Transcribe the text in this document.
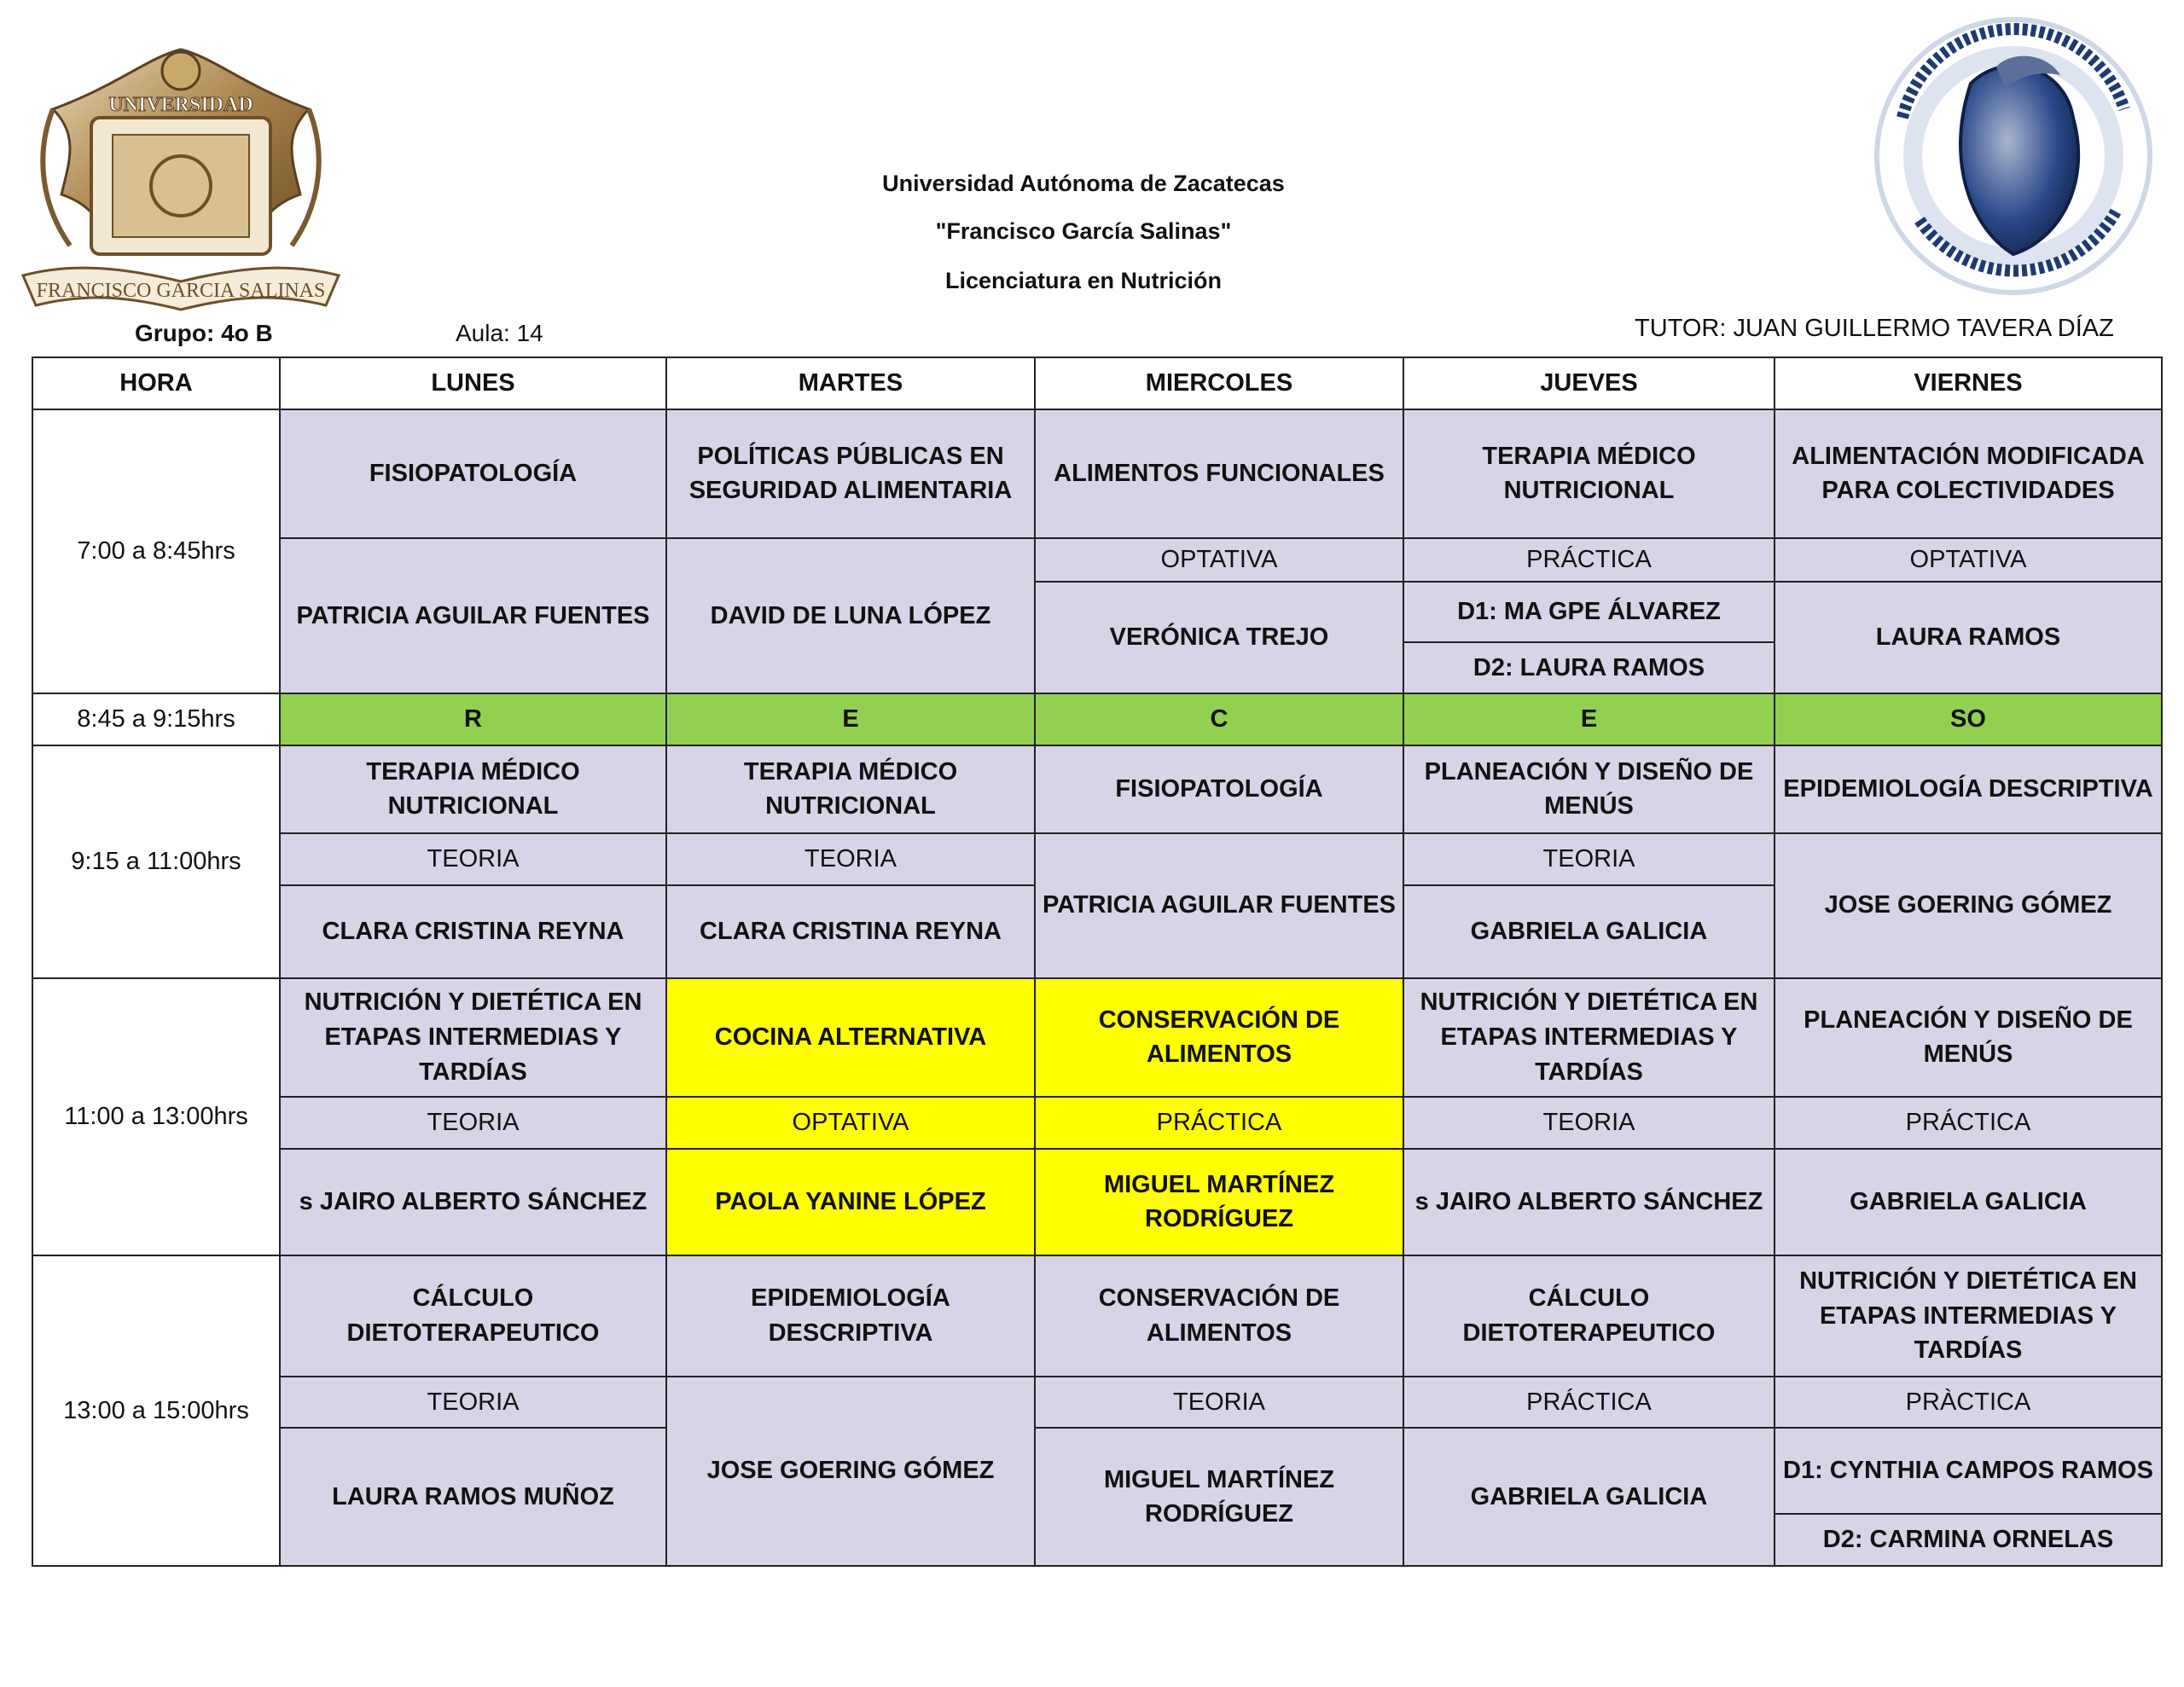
UNIVERSIDAD
FRANCISCO GARCIA SALINAS
Universidad Autónoma de Zacatecas
"Francisco García Salinas"
Licenciatura en Nutrición
Grupo: 4o B	Aula: 14	TUTOR: JUAN GUILLERMO TAVERA DÍAZ
HORA	LUNES	MARTES	MIERCOLES	JUEVES	VIERNES
7:00 a 8:45hrs	FISIOPATOLOGÍA	POLÍTICAS PÚBLICAS EN SEGURIDAD ALIMENTARIA	ALIMENTOS FUNCIONALES	TERAPIA MÉDICO NUTRICIONAL	ALIMENTACIÓN MODIFICADA PARA COLECTIVIDADES
	PATRICIA AGUILAR FUENTES	DAVID DE LUNA LÓPEZ	OPTATIVA	PRÁCTICA	OPTATIVA
			VERÓNICA TREJO	D1: MA GPE ÁLVAREZ	LAURA RAMOS
				D2: LAURA RAMOS	
8:45 a 9:15hrs	R	E	C	E	SO
9:15 a 11:00hrs	TERAPIA MÉDICO NUTRICIONAL	TERAPIA MÉDICO NUTRICIONAL	FISIOPATOLOGÍA	PLANEACIÓN Y DISEÑO DE MENÚS	EPIDEMIOLOGÍA DESCRIPTIVA
	TEORIA	TEORIA	PATRICIA AGUILAR FUENTES	TEORIA	JOSE GOERING GÓMEZ
	CLARA CRISTINA REYNA	CLARA CRISTINA REYNA		GABRIELA GALICIA	
11:00 a 13:00hrs	NUTRICIÓN Y DIETÉTICA EN ETAPAS INTERMEDIAS Y TARDÍAS	COCINA ALTERNATIVA	CONSERVACIÓN DE ALIMENTOS	NUTRICIÓN Y DIETÉTICA EN ETAPAS INTERMEDIAS Y TARDÍAS	PLANEACIÓN Y DISEÑO DE MENÚS
	TEORIA	OPTATIVA	PRÁCTICA	TEORIA	PRÁCTICA
	s JAIRO ALBERTO SÁNCHEZ	PAOLA YANINE LÓPEZ	MIGUEL MARTÍNEZ RODRÍGUEZ	s JAIRO ALBERTO SÁNCHEZ	GABRIELA GALICIA
13:00 a 15:00hrs	CÁLCULO DIETOTERAPEUTICO	EPIDEMIOLOGÍA DESCRIPTIVA	CONSERVACIÓN DE ALIMENTOS	CÁLCULO DIETOTERAPEUTICO	NUTRICIÓN Y DIETÉTICA EN ETAPAS INTERMEDIAS Y TARDÍAS
	TEORIA	JOSE GOERING GÓMEZ	TEORIA	PRÁCTICA	PRÀCTICA
	LAURA RAMOS MUÑOZ		MIGUEL MARTÍNEZ RODRÍGUEZ	GABRIELA GALICIA	D1: CYNTHIA CAMPOS RAMOS
					D2: CARMINA ORNELAS
